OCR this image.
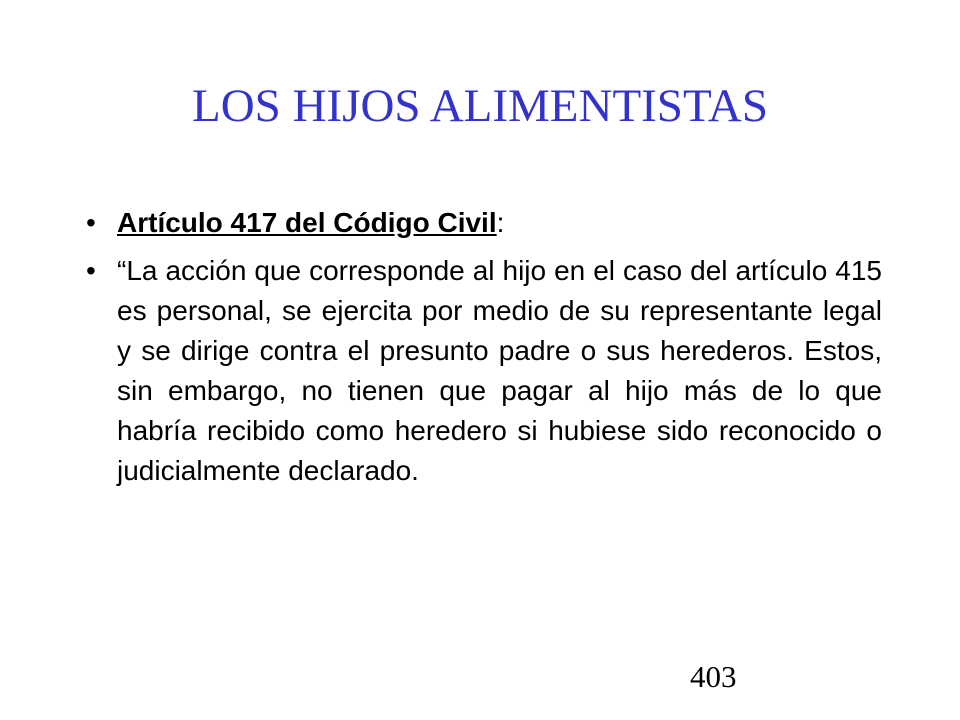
LOS HIJOS ALIMENTISTAS
• Artículo 417 del Código Civil:
• “La acción que corresponde al hijo en el caso del artículo 415 es personal, se ejercita por medio de su representante legal y se dirige contra el presunto padre o sus herederos. Estos, sin embargo, no tienen que pagar al hijo más de lo que habría recibido como heredero si hubiese sido reconocido o judicialmente declarado.
403
